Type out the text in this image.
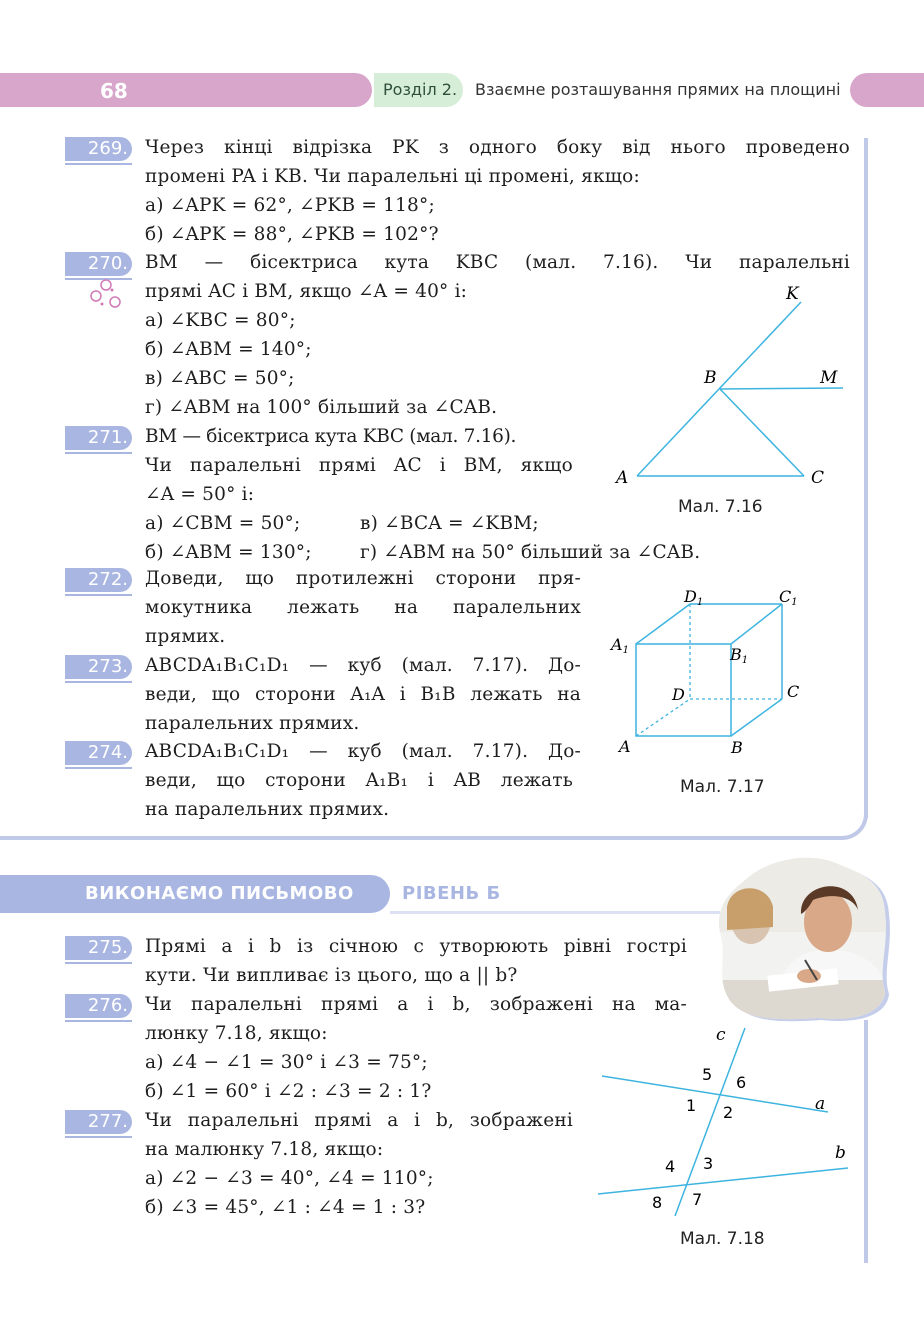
68	Розділ 2.	Взаємне розташування прямих на площині
269. Через кінці відрізка PK з одного боку від нього проведено
промені PA і KB. Чи паралельні ці промені, якщо:
а) ∠APK = 62°, ∠PKB = 118°;
б) ∠APK = 88°, ∠PKB = 102°?
270. BM — бісектриса кута KBC (мал. 7.16). Чи паралельні
прямі AC і BM, якщо ∠A = 40° і:
а) ∠KBC = 80°;
б) ∠ABM = 140°;
в) ∠ABC = 50°;
г) ∠ABM на 100° більший за ∠CAB.
K
B	M
A	C
Мал. 7.16
271. BM — бісектриса кута KBC (мал. 7.16).
Чи паралельні прямі AC і BM, якщо
∠A = 50° і:
а) ∠CBM = 50°;	в) ∠BCA = ∠KBM;
б) ∠ABM = 130°;	г) ∠ABM на 50° більший за ∠CAB.
272. Доведи, що протилежні сторони пря-
мокутника лежать на паралельних
прямих.
273. ABCDA₁B₁C₁D₁ — куб (мал. 7.17). До-
веди, що сторони A₁A і B₁B лежать на
паралельних прямих.
274. ABCDA₁B₁C₁D₁ — куб (мал. 7.17). До-
веди, що сторони A₁B₁ і AB лежать
на паралельних прямих.
D1	C1
A1	B1
D	C
A	B
Мал. 7.17
ВИКОНАЄМО ПИСЬМОВО	РІВЕНЬ Б
275. Прямі a і b із січною c утворюють рівні гострі
кути. Чи випливає із цього, що a || b?
276. Чи паралельні прямі a і b, зображені на ма-
люнку 7.18, якщо:
а) ∠4 − ∠1 = 30° і ∠3 = 75°;
б) ∠1 = 60° і ∠2 : ∠3 = 2 : 1?
277. Чи паралельні прямі a і b, зображені
на малюнку 7.18, якщо:
а) ∠2 − ∠3 = 40°, ∠4 = 110°;
б) ∠3 = 45°, ∠1 : ∠4 = 1 : 3?
c
a
b
5 6
1 2
3
4
8 7
Мал. 7.18
